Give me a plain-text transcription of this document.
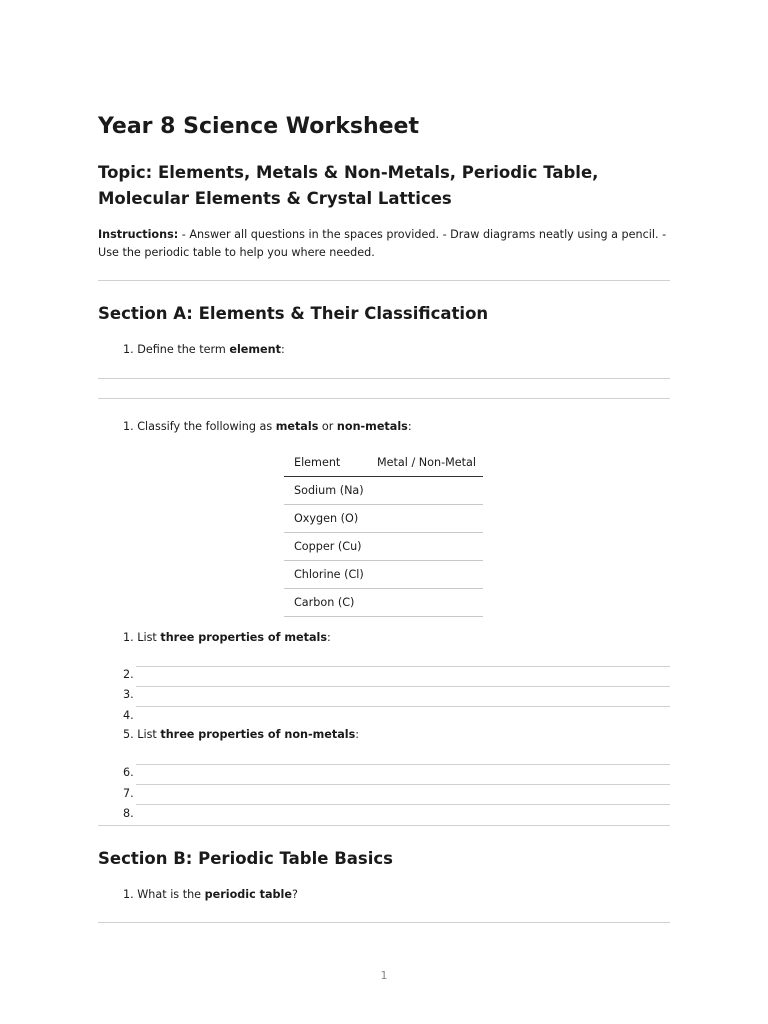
Year 8 Science Worksheet
Topic: Elements, Metals & Non-Metals, Periodic Table, Molecular Elements & Crystal Lattices

Instructions: - Answer all questions in the spaces provided. - Draw diagrams neatly using a pencil. - Use the periodic table to help you where needed.

Section A: Elements & Their Classification

1. Define the term element:

1. Classify the following as metals or non-metals:

Element	Metal / Non-Metal
Sodium (Na)	
Oxygen (O)	
Copper (Cu)	
Chlorine (Cl)	
Carbon (C)	

1. List three properties of metals:

2.
3.
4.

5. List three properties of non-metals:

6.
7.
8.
Section B: Periodic Table Basics

1. What is the periodic table?

1
